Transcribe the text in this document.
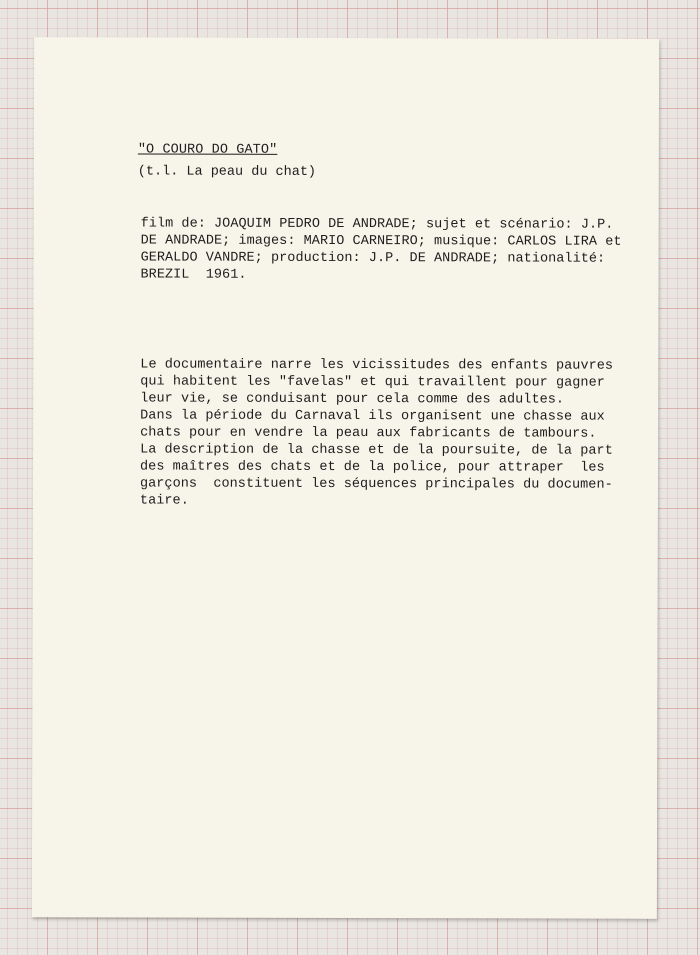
"O COURO DO GATO"
(t.l. La peau du chat)
film de: JOAQUIM PEDRO DE ANDRADE; sujet et scénario: J.P.
DE ANDRADE; images: MARIO CARNEIRO; musique: CARLOS LIRA et
GERALDO VANDRE; production: J.P. DE ANDRADE; nationalité:
BREZIL  1961.
Le documentaire narre les vicissitudes des enfants pauvres
qui habitent les "favelas" et qui travaillent pour gagner
leur vie, se conduisant pour cela comme des adultes.
Dans la période du Carnaval ils organisent une chasse aux
chats pour en vendre la peau aux fabricants de tambours.
La description de la chasse et de la poursuite, de la part
des maîtres des chats et de la police, pour attraper  les
garçons  constituent les séquences principales du documen-
taire.
